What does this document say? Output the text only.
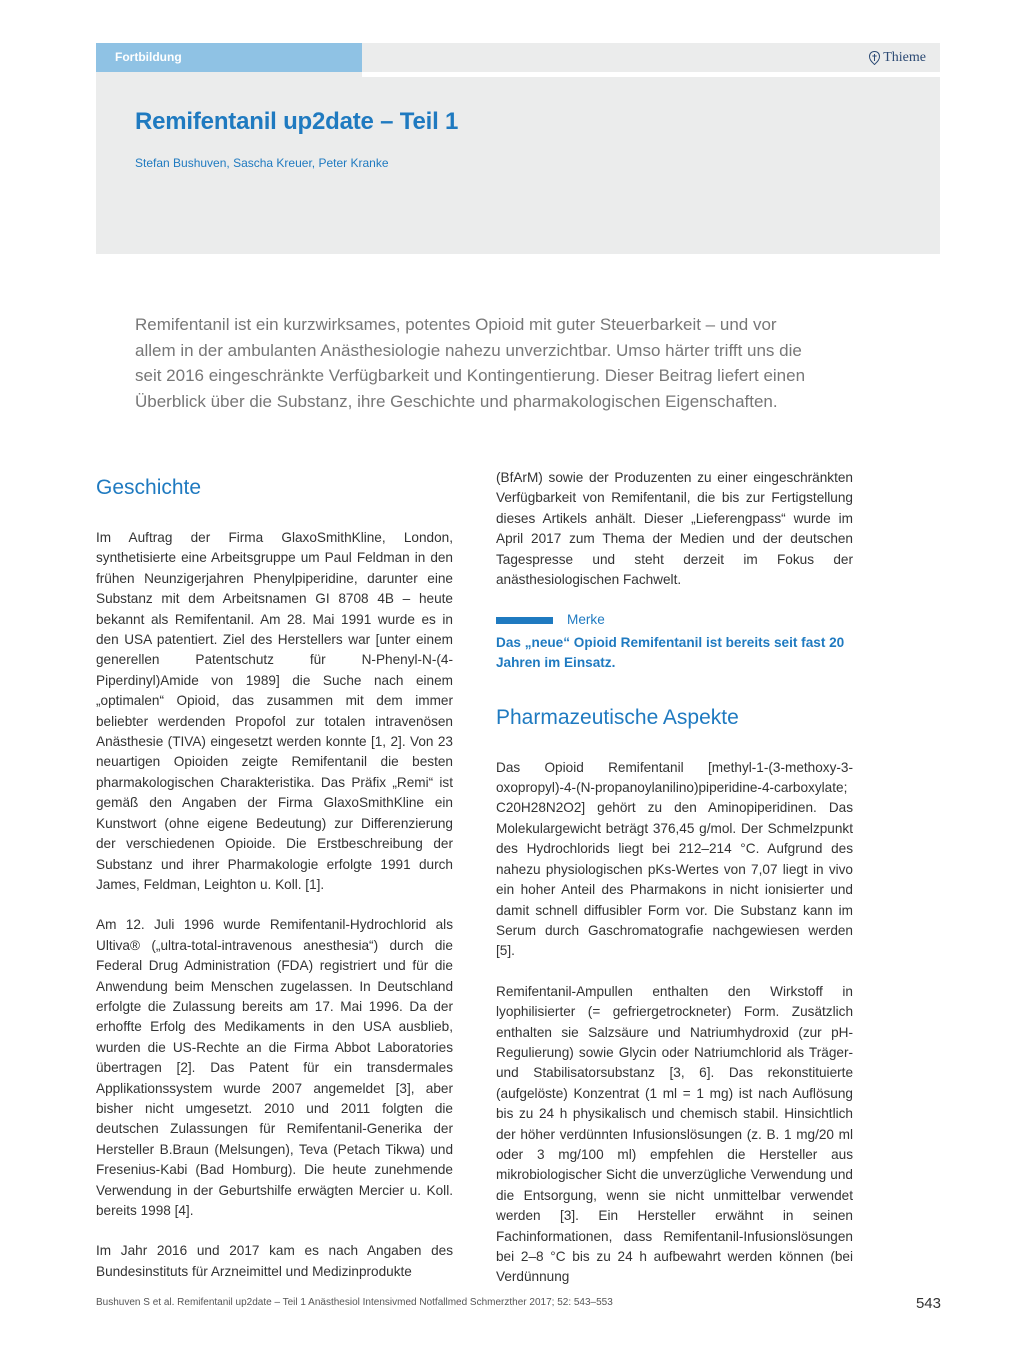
Fortbildung	Thieme
Remifentanil up2date – Teil 1
Stefan Bushuven, Sascha Kreuer, Peter Kranke

Remifentanil ist ein kurzwirksames, potentes Opioid mit guter Steuerbarkeit – und vor allem in der ambulanten Anästhesiologie nahezu unverzichtbar. Umso härter trifft uns die seit 2016 eingeschränkte Verfügbarkeit und Kontingentierung. Dieser Beitrag liefert einen Überblick über die Substanz, ihre Geschichte und pharmakologischen Eigenschaften.

Geschichte

Im Auftrag der Firma GlaxoSmithKline, London, synthetisierte eine Arbeitsgruppe um Paul Feldman in den frühen Neunzigerjahren Phenylpiperidine, darunter eine Substanz mit dem Arbeitsnamen GI 8708 4B – heute bekannt als Remifentanil. Am 28. Mai 1991 wurde es in den USA patentiert. Ziel des Herstellers war [unter einem generellen Patentschutz für N-Phenyl-N-(4-Piperdinyl)Amide von 1989] die Suche nach einem „optimalen“ Opioid, das zusammen mit dem immer beliebter werdenden Propofol zur totalen intravenösen Anästhesie (TIVA) eingesetzt werden konnte [1, 2]. Von 23 neuartigen Opioiden zeigte Remifentanil die besten pharmakologischen Charakteristika. Das Präfix „Remi“ ist gemäß den Angaben der Firma GlaxoSmithKline ein Kunstwort (ohne eigene Bedeutung) zur Differenzierung der verschiedenen Opioide. Die Erstbeschreibung der Substanz und ihrer Pharmakologie erfolgte 1991 durch James, Feldman, Leighton u. Koll. [1].

Am 12. Juli 1996 wurde Remifentanil-Hydrochlorid als Ultiva® („ultra-total-intravenous anesthesia“) durch die Federal Drug Administration (FDA) registriert und für die Anwendung beim Menschen zugelassen. In Deutschland erfolgte die Zulassung bereits am 17. Mai 1996. Da der erhoffte Erfolg des Medikaments in den USA ausblieb, wurden die US-Rechte an die Firma Abbot Laboratories übertragen [2]. Das Patent für ein transdermales Applikationssystem wurde 2007 angemeldet [3], aber bisher nicht umgesetzt. 2010 und 2011 folgten die deutschen Zulassungen für Remifentanil-Generika der Hersteller B.Braun (Melsungen), Teva (Petach Tikwa) und Fresenius-Kabi (Bad Homburg). Die heute zunehmende Verwendung in der Geburtshilfe erwägten Mercier u. Koll. bereits 1998 [4].

Im Jahr 2016 und 2017 kam es nach Angaben des Bundesinstituts für Arzneimittel und Medizinprodukte

(BfArM) sowie der Produzenten zu einer eingeschränkten Verfügbarkeit von Remifentanil, die bis zur Fertigstellung dieses Artikels anhält. Dieser „Lieferengpass“ wurde im April 2017 zum Thema der Medien und der deutschen Tagespresse und steht derzeit im Fokus der anästhesiologischen Fachwelt.

Merke
Das „neue“ Opioid Remifentanil ist bereits seit fast 20 Jahren im Einsatz.
Pharmazeutische Aspekte

Das Opioid Remifentanil [methyl-1-(3-methoxy-3-oxopropyl)-4-(N-propanoylanilino)piperidine-4-carboxylate; C20H28N2O2] gehört zu den Aminopiperidinen. Das Molekulargewicht beträgt 376,45 g/mol. Der Schmelzpunkt des Hydrochlorids liegt bei 212–214 °C. Aufgrund des nahezu physiologischen pKs-Wertes von 7,07 liegt in vivo ein hoher Anteil des Pharmakons in nicht ionisierter und damit schnell diffusibler Form vor. Die Substanz kann im Serum durch Gaschromatografie nachgewiesen werden [5].

Remifentanil-Ampullen enthalten den Wirkstoff in lyophilisierter (= gefriergetrockneter) Form. Zusätzlich enthalten sie Salzsäure und Natriumhydroxid (zur pH-Regulierung) sowie Glycin oder Natriumchlorid als Träger- und Stabilisatorsubstanz [3, 6]. Das rekonstituierte (aufgelöste) Konzentrat (1 ml = 1 mg) ist nach Auflösung bis zu 24 h physikalisch und chemisch stabil. Hinsichtlich der höher verdünnten Infusionslösungen (z. B. 1 mg/20 ml oder 3 mg/100 ml) empfehlen die Hersteller aus mikrobiologischer Sicht die unverzügliche Verwendung und die Entsorgung, wenn sie nicht unmittelbar verwendet werden [3]. Ein Hersteller erwähnt in seinen Fachinformationen, dass Remifentanil-Infusionslösungen bei 2–8 °C bis zu 24 h aufbewahrt werden können (bei Verdünnung

Bushuven S et al. Remifentanil up2date – Teil 1 Anästhesiol Intensivmed Notfallmed Schmerzther 2017; 52: 543–553	543
